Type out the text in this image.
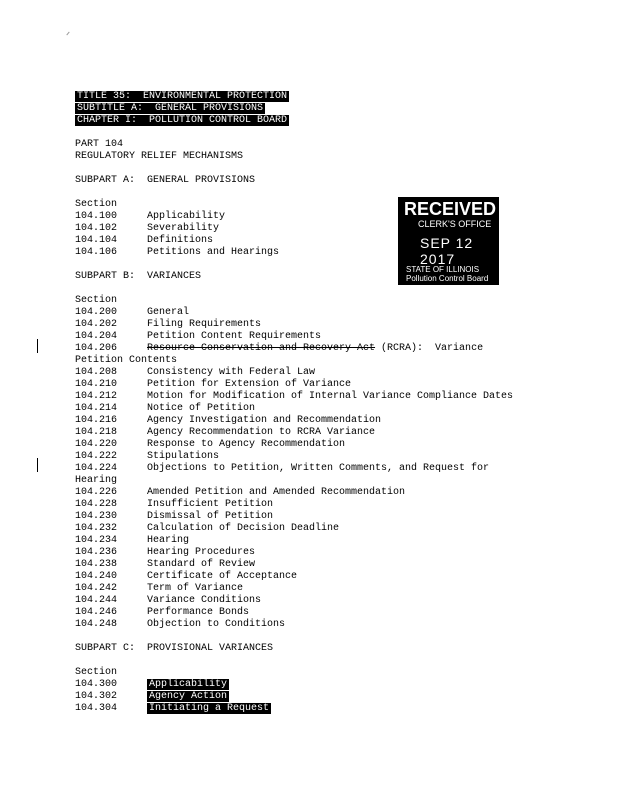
TITLE 35:  ENVIRONMENTAL PROTECTION
SUBTITLE A:  GENERAL PROVISIONS
CHAPTER I:  POLLUTION CONTROL BOARD
PART 104
REGULATORY RELIEF MECHANISMS
RECEIVED
CLERK'S OFFICE
SEP 12 2017
STATE OF ILLINOIS
Pollution Control Board
SUBPART A:  GENERAL PROVISIONS
Section
104.100	Applicability
104.102	Severability
104.104	Definitions
104.106	Petitions and Hearings
SUBPART B:  VARIANCES
Section
104.200	General
104.202	Filing Requirements
104.204	Petition Content Requirements
104.206	Resource Conservation and Recovery Act (RCRA):  Variance
Petition Contents
104.208	Consistency with Federal Law
104.210	Petition for Extension of Variance
104.212	Motion for Modification of Internal Variance Compliance Dates
104.214	Notice of Petition
104.216	Agency Investigation and Recommendation
104.218	Agency Recommendation to RCRA Variance
104.220	Response to Agency Recommendation
104.222	Stipulations
104.224	Objections to Petition, Written Comments, and Request for
Hearing
104.226	Amended Petition and Amended Recommendation
104.228	Insufficient Petition
104.230	Dismissal of Petition
104.232	Calculation of Decision Deadline
104.234	Hearing
104.236	Hearing Procedures
104.238	Standard of Review
104.240	Certificate of Acceptance
104.242	Term of Variance
104.244	Variance Conditions
104.246	Performance Bonds
104.248	Objection to Conditions
SUBPART C:  PROVISIONAL VARIANCES
Section
104.300	Applicability
104.302	Agency Action
104.304	Initiating a Request
